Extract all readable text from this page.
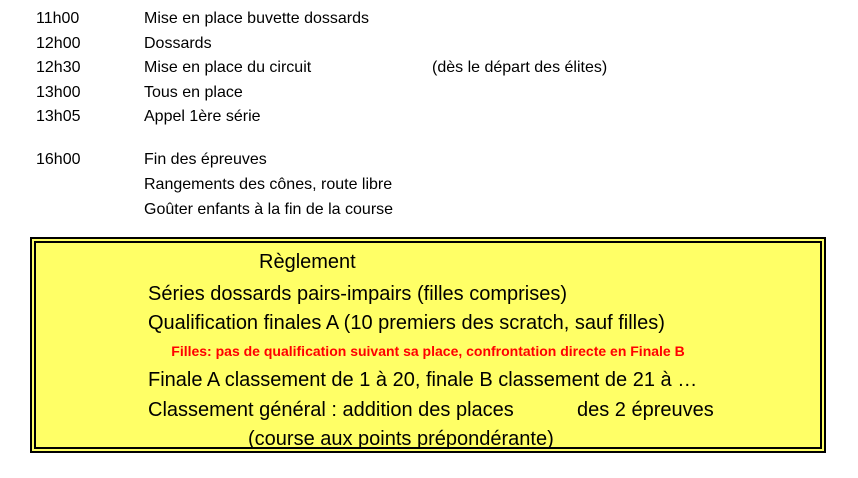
11h00	Mise en place buvette dossards
12h00	Dossards
12h30	Mise en place du circuit	(dès le départ des élites)
13h00	Tous en place
13h05	Appel 1ère série
16h00	Fin des épreuves
Rangements des cônes, route libre
Goûter enfants à la fin de la course
Règlement
Séries dossards pairs-impairs (filles comprises)
Qualification finales A (10 premiers des scratch, sauf filles)
Filles: pas de qualification suivant sa place, confrontation directe en Finale B
Finale A classement de 1 à 20, finale B classement de 21 à …
Classement général : addition des places	des 2 épreuves
(course aux points prépondérante)
